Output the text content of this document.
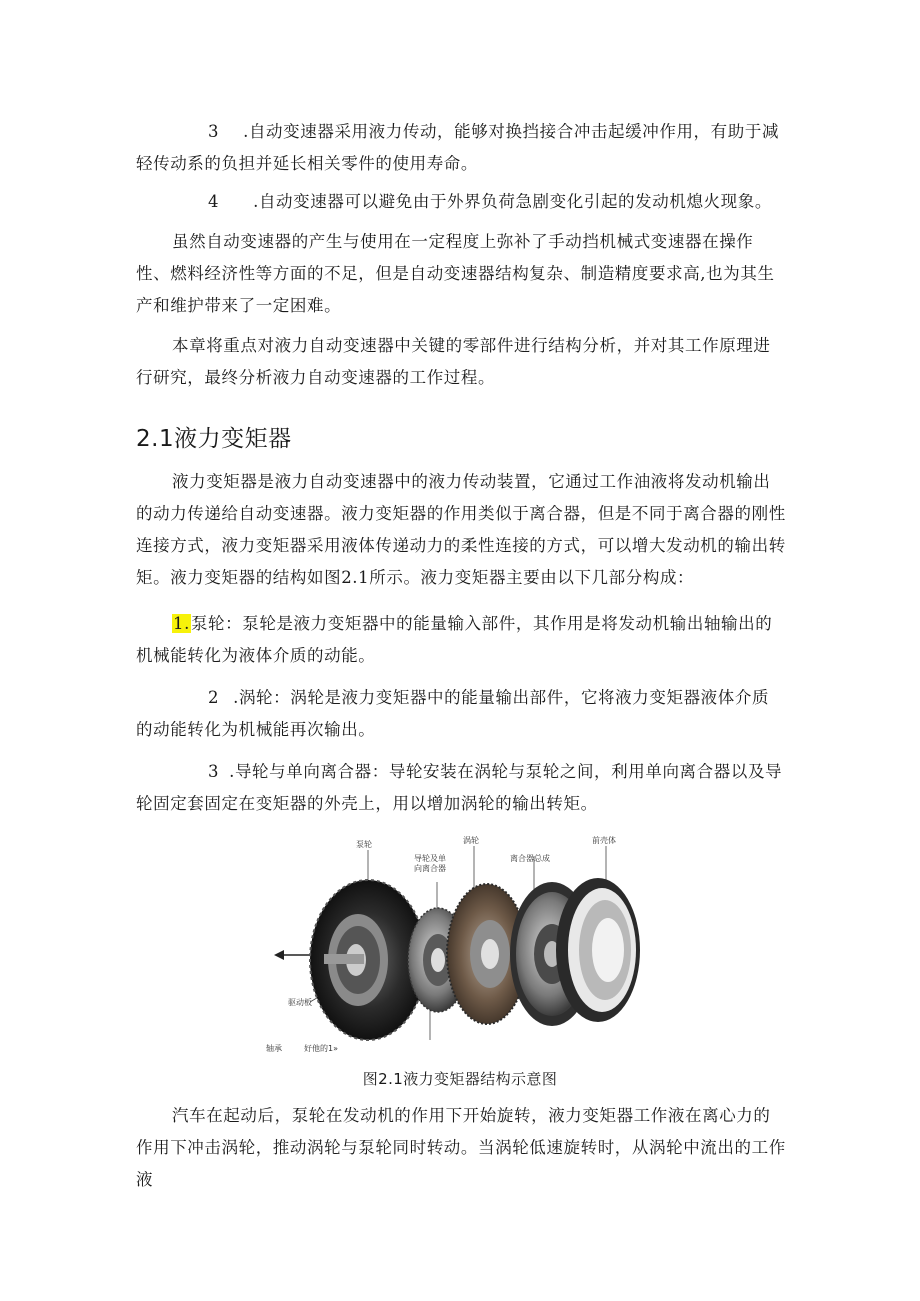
3 .自动变速器采用液力传动，能够对换挡接合冲击起缓冲作用，有助于减轻传动系的负担并延长相关零件的使用寿命。

4 .自动变速器可以避免由于外界负荷急剧变化引起的发动机熄火现象。

虽然自动变速器的产生与使用在一定程度上弥补了手动挡机械式变速器在操作性、燃料经济性等方面的不足，但是自动变速器结构复杂、制造精度要求高,也为其生产和维护带来了一定困难。

本章将重点对液力自动变速器中关键的零部件进行结构分析，并对其工作原理进行研究，最终分析液力自动变速器的工作过程。

2.1液力变矩器

液力变矩器是液力自动变速器中的液力传动装置，它通过工作油液将发动机输出的动力传递给自动变速器。液力变矩器的作用类似于离合器，但是不同于离合器的刚性连接方式，液力变矩器采用液体传递动力的柔性连接的方式，可以增大发动机的输出转矩。液力变矩器的结构如图2.1所示。液力变矩器主要由以下几部分构成：

1.泵轮：泵轮是液力变矩器中的能量输入部件，其作用是将发动机输出轴输出的机械能转化为液体介质的动能。

2 .涡轮：涡轮是液力变矩器中的能量输出部件，它将液力变矩器液体介质的动能转化为机械能再次输出。

3 .导轮与单向离合器：导轮安装在涡轮与泵轮之间，利用单向离合器以及导轮固定套固定在变矩器的外壳上，用以增加涡轮的输出转矩。

泵轮
导轮及单
向离合器
涡轮
离合器总成
前壳体
驱动板
轴承	好他的1»

图2.1液力变矩器结构示意图

汽车在起动后，泵轮在发动机的作用下开始旋转，液力变矩器工作液在离心力的作用下冲击涡轮，推动涡轮与泵轮同时转动。当涡轮低速旋转时，从涡轮中流出的工作液
